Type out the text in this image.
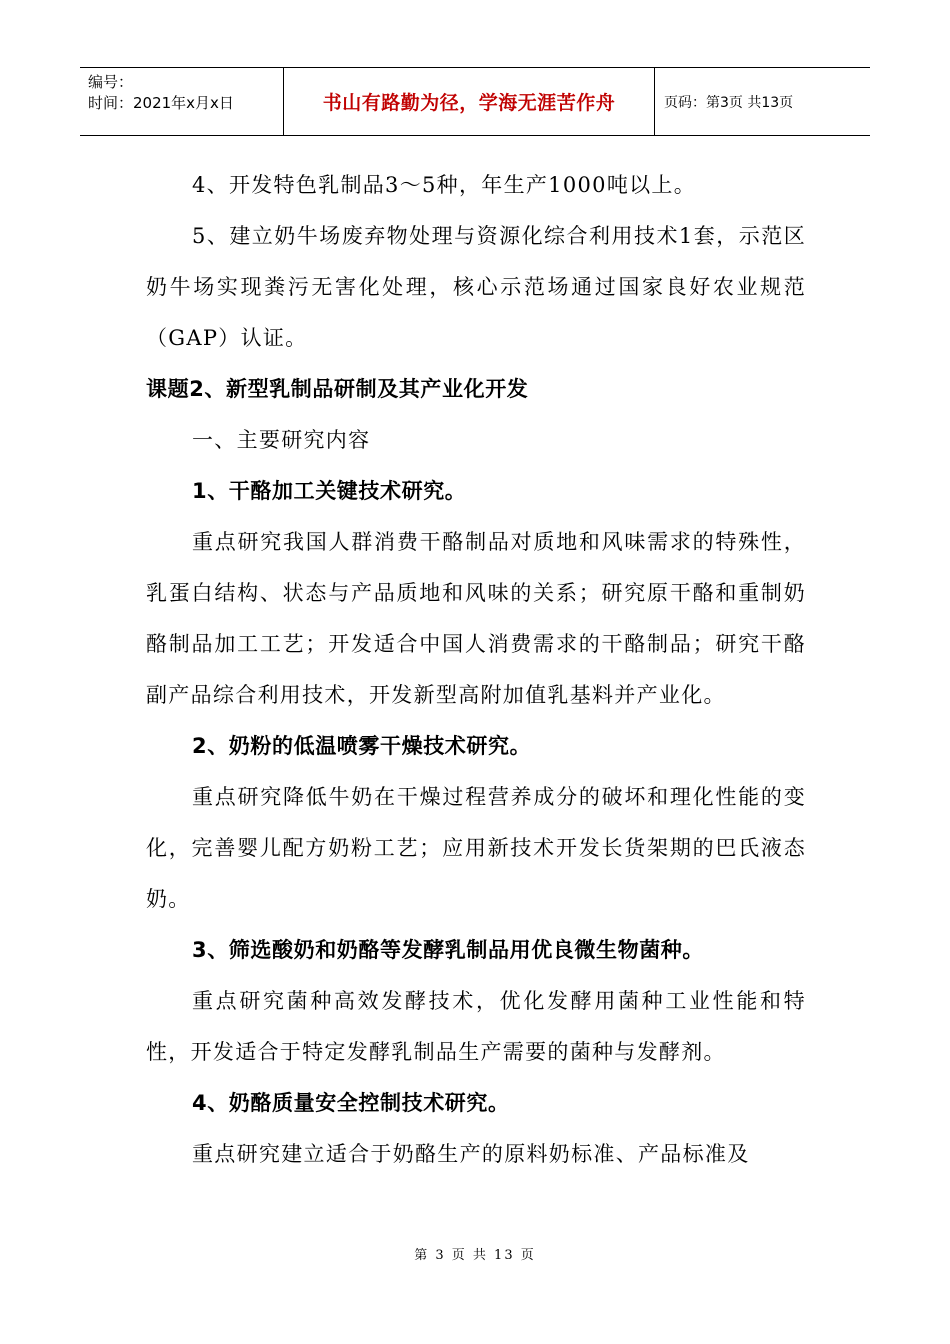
编号：
时间：2021年x月x日	书山有路勤为径，学海无涯苦作舟	页码：第3页 共13页

4、开发特色乳制品3～5种，年生产1000吨以上。

5、建立奶牛场废弃物处理与资源化综合利用技术1套，示范区奶牛场实现粪污无害化处理，核心示范场通过国家良好农业规范（GAP）认证。

课题2、新型乳制品研制及其产业化开发

一、主要研究内容

1、干酪加工关键技术研究。

重点研究我国人群消费干酪制品对质地和风味需求的特殊性，乳蛋白结构、状态与产品质地和风味的关系；研究原干酪和重制奶酪制品加工工艺；开发适合中国人消费需求的干酪制品；研究干酪副产品综合利用技术，开发新型高附加值乳基料并产业化。

2、奶粉的低温喷雾干燥技术研究。

重点研究降低牛奶在干燥过程营养成分的破坏和理化性能的变化，完善婴儿配方奶粉工艺；应用新技术开发长货架期的巴氏液态奶。

3、筛选酸奶和奶酪等发酵乳制品用优良微生物菌种。

重点研究菌种高效发酵技术，优化发酵用菌种工业性能和特性，开发适合于特定发酵乳制品生产需要的菌种与发酵剂。

4、奶酪质量安全控制技术研究。

重点研究建立适合于奶酪生产的原料奶标准、产品标准及

第 3 页 共 13 页
